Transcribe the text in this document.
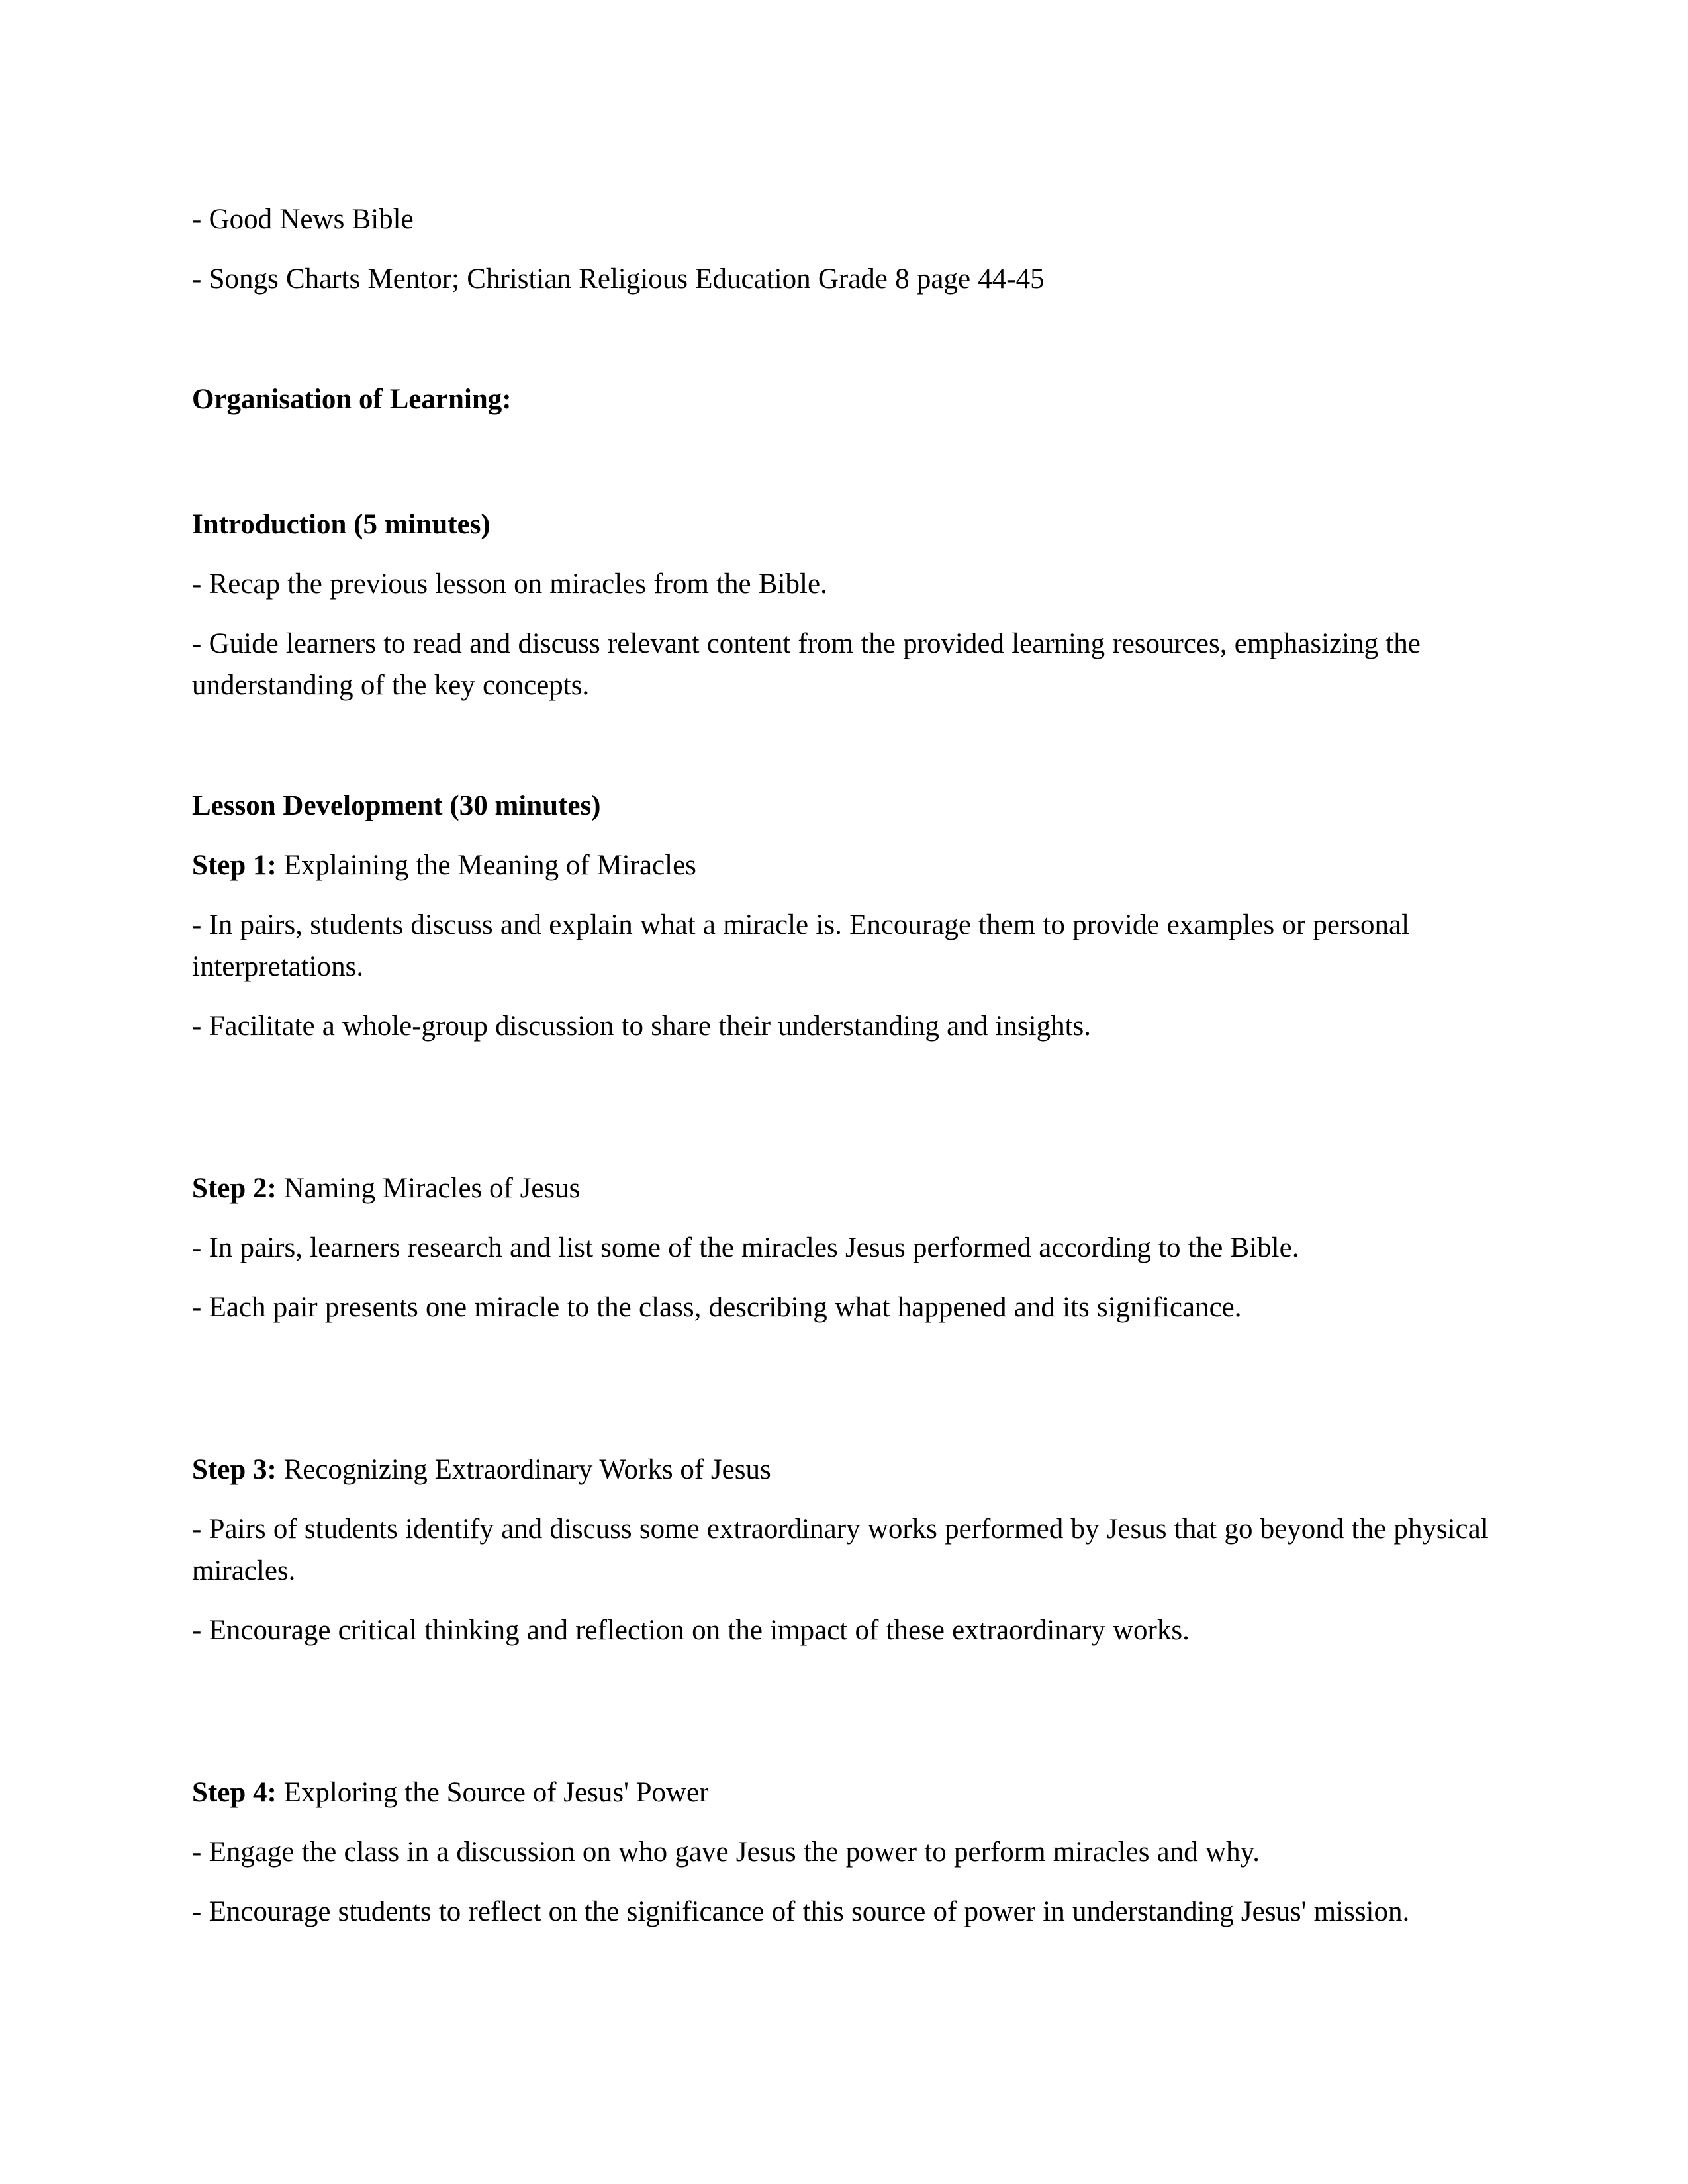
- Good News Bible

- Songs Charts Mentor; Christian Religious Education Grade 8 page 44-45

Organisation of Learning:

Introduction (5 minutes)

- Recap the previous lesson on miracles from the Bible.

- Guide learners to read and discuss relevant content from the provided learning resources, emphasizing the understanding of the key concepts.

Lesson Development (30 minutes)

Step 1: Explaining the Meaning of Miracles

- In pairs, students discuss and explain what a miracle is. Encourage them to provide examples or personal interpretations.

- Facilitate a whole-group discussion to share their understanding and insights.

Step 2: Naming Miracles of Jesus

- In pairs, learners research and list some of the miracles Jesus performed according to the Bible.

- Each pair presents one miracle to the class, describing what happened and its significance.

Step 3: Recognizing Extraordinary Works of Jesus

- Pairs of students identify and discuss some extraordinary works performed by Jesus that go beyond the physical miracles.

- Encourage critical thinking and reflection on the impact of these extraordinary works.

Step 4: Exploring the Source of Jesus' Power

- Engage the class in a discussion on who gave Jesus the power to perform miracles and why.

- Encourage students to reflect on the significance of this source of power in understanding Jesus' mission.
